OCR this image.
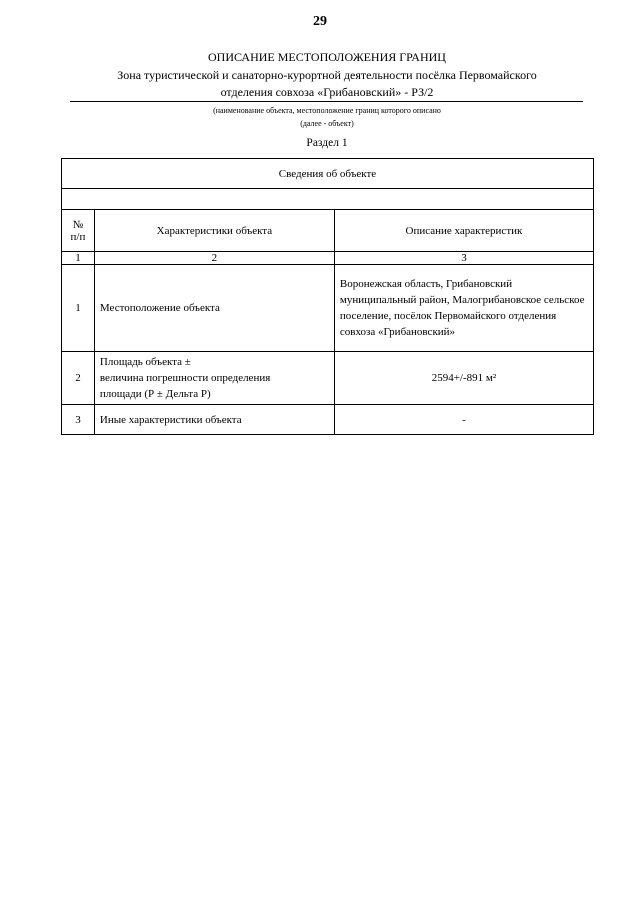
29
ОПИСАНИЕ МЕСТОПОЛОЖЕНИЯ ГРАНИЦ
Зона туристической и санаторно-курортной деятельности посёлка Первомайского
отделения совхоза «Грибановский» - РЗ/2
(наименование объекта, местоположение границ которого описано
(далее - объект)
Раздел 1
Сведения об объекте		

№
п/п	Характеристики объекта	Описание характеристик
1	2	3
1	Местоположение объекта	Воронежская область, Грибановский муниципальный район, Малогрибановское сельское поселение, посёлок Первомайского отделения совхоза «Грибановский»
2	Площадь объекта ±
величина погрешности определения
площади (Р ± Дельта Р)	2594+/-891 м²
3	Иные характеристики объекта	-
